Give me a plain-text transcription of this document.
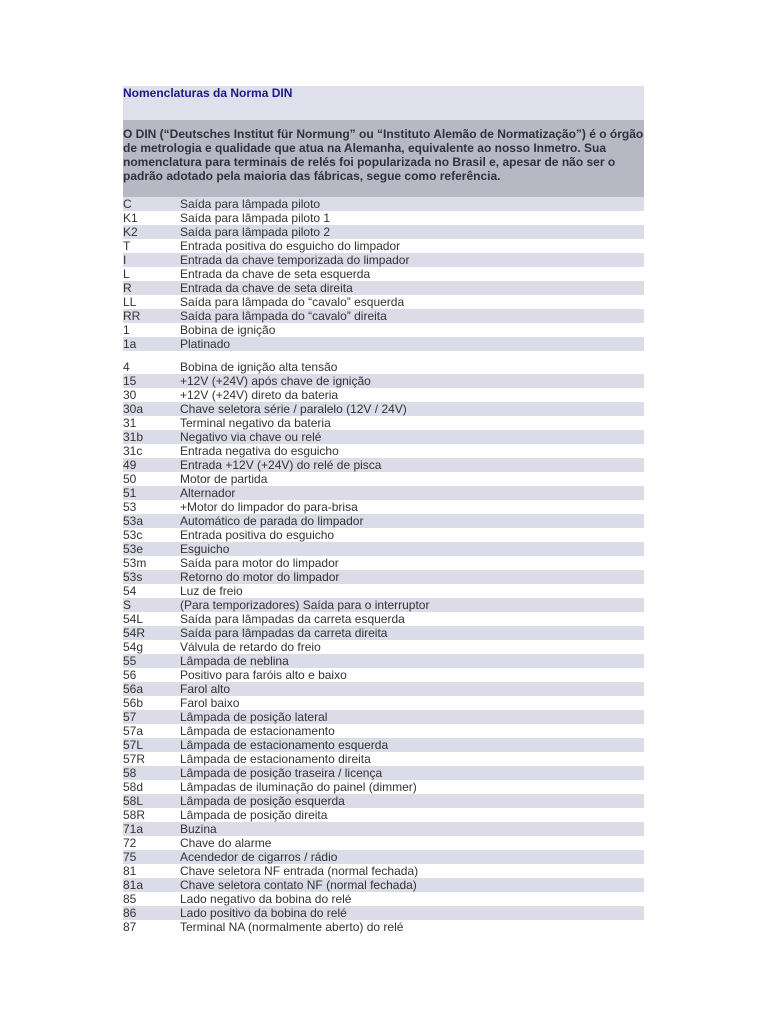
Nomenclaturas da Norma DIN

O DIN (“Deutsches Institut für Normung” ou “Instituto Alemão de Normatização”) é o órgão de metrologia e qualidade que atua na Alemanha, equivalente ao nosso Inmetro. Sua nomenclatura para terminais de relés foi popularizada no Brasil e, apesar de não ser o padrão adotado pela maioria das fábricas, segue como referência.

C	Saída para lâmpada piloto
K1	Saída para lâmpada piloto 1
K2	Saída para lâmpada piloto 2
T	Entrada positiva do esguicho do limpador
I	Entrada da chave temporizada do limpador
L	Entrada da chave de seta esquerda
R	Entrada da chave de seta direita
LL	Saída para lâmpada do “cavalo” esquerda
RR	Saída para lâmpada do “cavalo” direita
1	Bobina de ignição
1a	Platinado
4	Bobina de ignição alta tensão
15	+12V (+24V) após chave de ignição
30	+12V (+24V) direto da bateria
30a	Chave seletora série / paralelo (12V / 24V)
31	Terminal negativo da bateria
31b	Negativo via chave ou relé
31c	Entrada negativa do esguicho
49	Entrada +12V (+24V) do relé de pisca
50	Motor de partida
51	Alternador
53	+Motor do limpador do para-brisa
53a	Automático de parada do limpador
53c	Entrada positiva do esguicho
53e	Esguicho
53m	Saída para motor do limpador
53s	Retorno do motor do limpador
54	Luz de freio
S	(Para temporizadores) Saída para o interruptor
54L	Saída para lâmpadas da carreta esquerda
54R	Saída para lâmpadas da carreta direita
54g	Válvula de retardo do freio
55	Lâmpada de neblina
56	Positivo para faróis alto e baixo
56a	Farol alto
56b	Farol baixo
57	Lâmpada de posição lateral
57a	Lâmpada de estacionamento
57L	Lâmpada de estacionamento esquerda
57R	Lâmpada de estacionamento direita
58	Lâmpada de posição traseira / licença
58d	Lâmpadas de iluminação do painel (dimmer)
58L	Lâmpada de posição esquerda
58R	Lâmpada de posição direita
71a	Buzina
72	Chave do alarme
75	Acendedor de cigarros / rádio
81	Chave seletora NF entrada (normal fechada)
81a	Chave seletora contato NF (normal fechada)
85	Lado negativo da bobina do relé
86	Lado positivo da bobina do relé
87	Terminal NA (normalmente aberto) do relé
